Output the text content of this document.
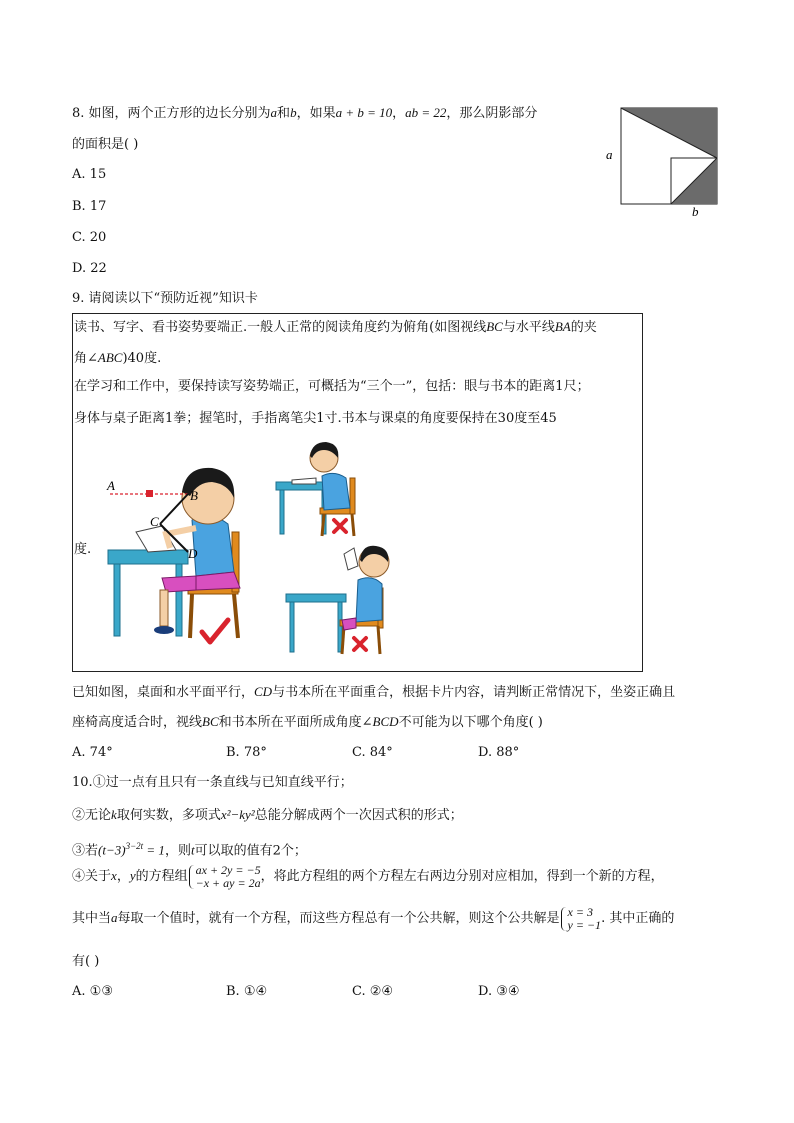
8. 如图，两个正方形的边长分别为a和b，如果a + b = 10，ab = 22，那么阴影部分
的面积是( )
A. 15
B. 17
C. 20
D. 22
a
b
9. 请阅读以下“预防近视”知识卡
读书、写字、看书姿势要端正.一般人正常的阅读角度约为俯角(如图视线BC与水平线BA的夹
角∠ABC)40度.
在学习和工作中，要保持读写姿势端正，可概括为“三个一”，包括：眼与书本的距离1尺；
身体与桌子距离1拳；握笔时，手指离笔尖1寸.书本与课桌的角度要保持在30度至45
度.
A
B
C
D
已知如图，桌面和水平面平行，CD与书本所在平面重合，根据卡片内容，请判断正常情况下，坐姿正确且
座椅高度适合时，视线BC和书本所在平面所成角度∠BCD不可能为以下哪个角度( )
A. 74°	B. 78°	C. 84°	D. 88°
10.①过一点有且只有一条直线与已知直线平行；
②无论k取何实数，多项式x²−ky²总能分解成两个一次因式积的形式；
③若$(t-3)^{3-2t} = 1$，则t可以取的值有2个；
④关于x，y的方程组 ax + 2y = −5
−x + ay = 2a ，将此方程组的两个方程左右两边分别对应相加，得到一个新的方程，
其中当a每取一个值时，就有一个方程，而这些方程总有一个公共解，则这个公共解是 x = 3
y = −1 . 其中正确的
有( )
A. ①③	B. ①④	C. ②④	D. ③④
